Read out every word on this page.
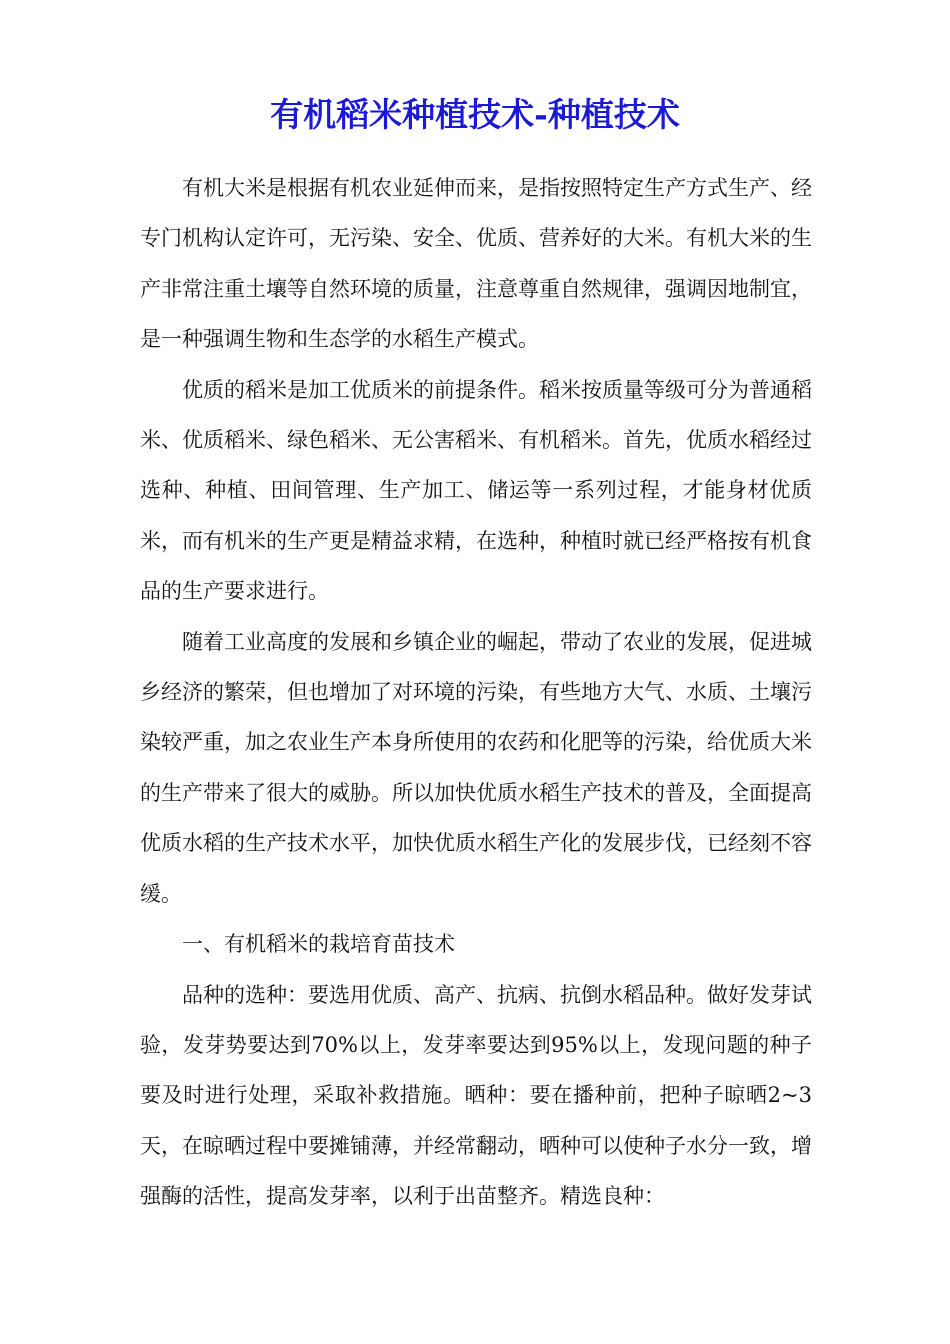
有机稻米种植技术-种植技术

有机大米是根据有机农业延伸而来，是指按照特定生产方式生产、经专门机构认定许可，无污染、安全、优质、营养好的大米。有机大米的生产非常注重土壤等自然环境的质量，注意尊重自然规律，强调因地制宜，是一种强调生物和生态学的水稻生产模式。

优质的稻米是加工优质米的前提条件。稻米按质量等级可分为普通稻米、优质稻米、绿色稻米、无公害稻米、有机稻米。首先，优质水稻经过选种、种植、田间管理、生产加工、储运等一系列过程，才能身材优质米，而有机米的生产更是精益求精，在选种，种植时就已经严格按有机食品的生产要求进行。

随着工业高度的发展和乡镇企业的崛起，带动了农业的发展，促进城乡经济的繁荣，但也增加了对环境的污染，有些地方大气、水质、土壤污染较严重，加之农业生产本身所使用的农药和化肥等的污染，给优质大米的生产带来了很大的威胁。所以加快优质水稻生产技术的普及，全面提高优质水稻的生产技术水平，加快优质水稻生产化的发展步伐，已经刻不容缓。

一、有机稻米的栽培育苗技术

品种的选种：要选用优质、高产、抗病、抗倒水稻品种。做好发芽试验，发芽势要达到70%以上，发芽率要达到95%以上，发现问题的种子要及时进行处理，采取补救措施。晒种：要在播种前，把种子晾晒2~3天，在晾晒过程中要摊铺薄，并经常翻动，晒种可以使种子水分一致，增强酶的活性，提高发芽率，以利于出苗整齐。精选良种：
